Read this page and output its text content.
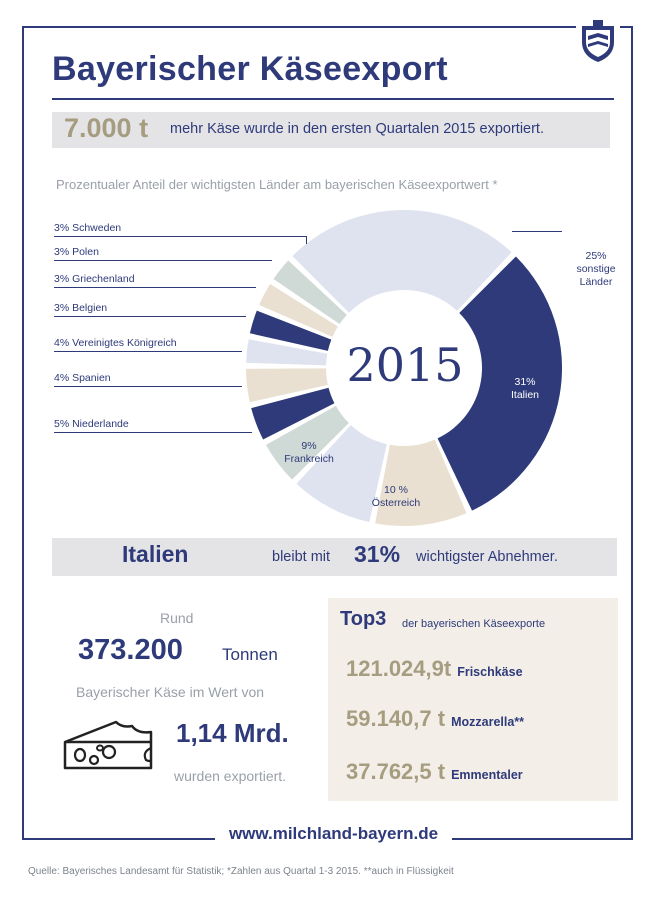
Bayerischer Käseexport
7.000 t mehr Käse wurde in den ersten Quartalen 2015 exportiert.
Prozentualer Anteil der wichtigsten Länder am bayerischen Käseexportwert *
2015
3% Schweden
3% Polen
3% Griechenland
3% Belgien
4% Vereinigtes Königreich
4% Spanien
5% Niederlande
25%
sonstige
Länder
31%
Italien
10 %
Österreich
9%
Frankreich
Italien	bleibt mit 31% wichtigster Abnehmer.
Rund
373.200 Tonnen
Bayerischer Käse im Wert von
1,14 Mrd.
wurden exportiert.
Top3 der bayerischen Käseexporte
121.024,9t Frischkäse
59.140,7 t Mozzarella**
37.762,5 t Emmentaler
www.milchland-bayern.de
Quelle: Bayerisches Landesamt für Statistik; *Zahlen aus Quartal 1-3 2015. **auch in Flüssigkeit
